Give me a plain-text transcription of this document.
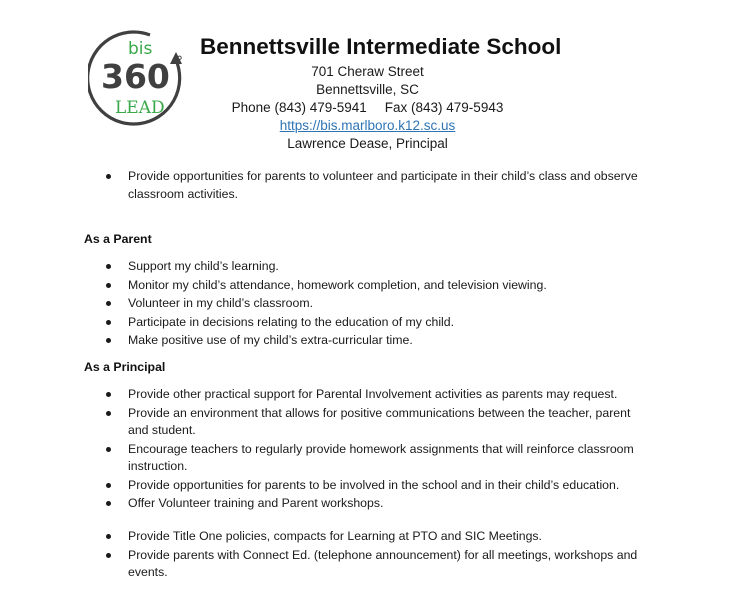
bis
360 °
LEAD
Bennettsville Intermediate School
701 Cheraw Street
Bennettsville, SC
Phone (843) 479-5941 Fax (843) 479-5943
https://bis.marlboro.k12.sc.us
Lawrence Dease, Principal
Provide opportunities for parents to volunteer and participate in their child’s class and observe classroom activities.
As a Parent
Support my child’s learning.
Monitor my child’s attendance, homework completion, and television viewing.
Volunteer in my child’s classroom.
Participate in decisions relating to the education of my child.
Make positive use of my child’s extra-curricular time.
As a Principal
Provide other practical support for Parental Involvement activities as parents may request.
Provide an environment that allows for positive communications between the teacher, parent and student.
Encourage teachers to regularly provide homework assignments that will reinforce classroom instruction.
Provide opportunities for parents to be involved in the school and in their child’s education.
Offer Volunteer training and Parent workshops.
Provide Title One policies, compacts for Learning at PTO and SIC Meetings.
Provide parents with Connect Ed. (telephone announcement) for all meetings, workshops and events.
